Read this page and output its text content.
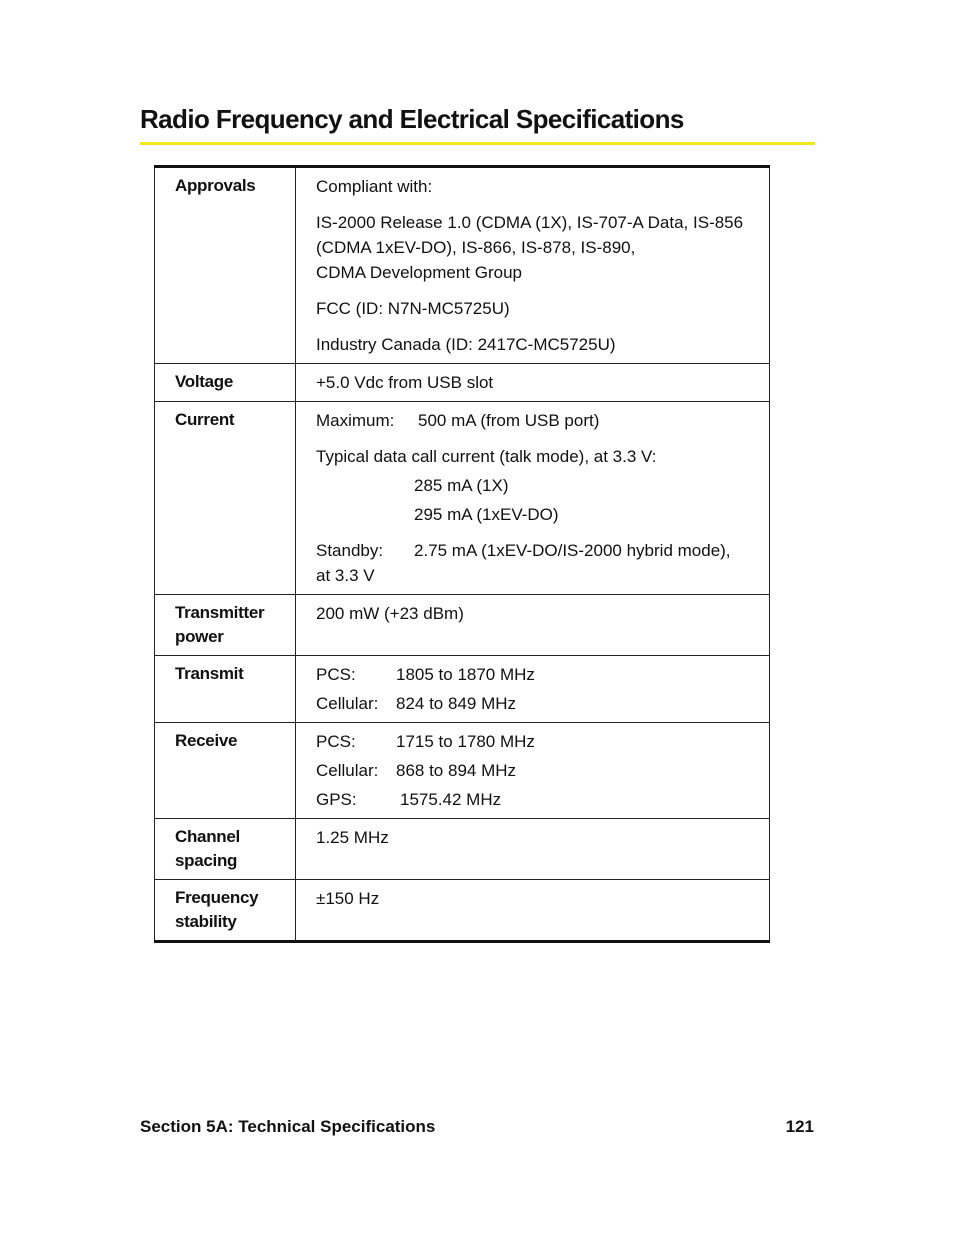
Radio Frequency and Electrical Specifications
Approvals	Compliant with:

IS-2000 Release 1.0 (CDMA (1X), IS-707-A Data, IS-856 (CDMA 1xEV-DO), IS-866, IS-878, IS-890,

CDMA Development Group

FCC (ID: N7N-MC5725U)

Industry Canada (ID: 2417C-MC5725U)

Voltage	+5.0 Vdc from USB slot
Current	Maximum: 500 mA (from USB port)

Typical data call current (talk mode), at 3.3 V:

285 mA (1X)

295 mA (1xEV-DO)

Standby: 2.75 mA (1xEV-DO/IS-2000 hybrid mode), at 3.3 V

Transmitter
power	200 mW (+23 dBm)
Transmit	PCS: 1805 to 1870 MHz

Cellular: 824 to 849 MHz

Receive	PCS: 1715 to 1780 MHz

Cellular: 868 to 894 MHz

GPS: 1575.42 MHz

Channel
spacing	1.25 MHz

Frequency
stability	±150 Hz
Section 5A: Technical Specifications	121
